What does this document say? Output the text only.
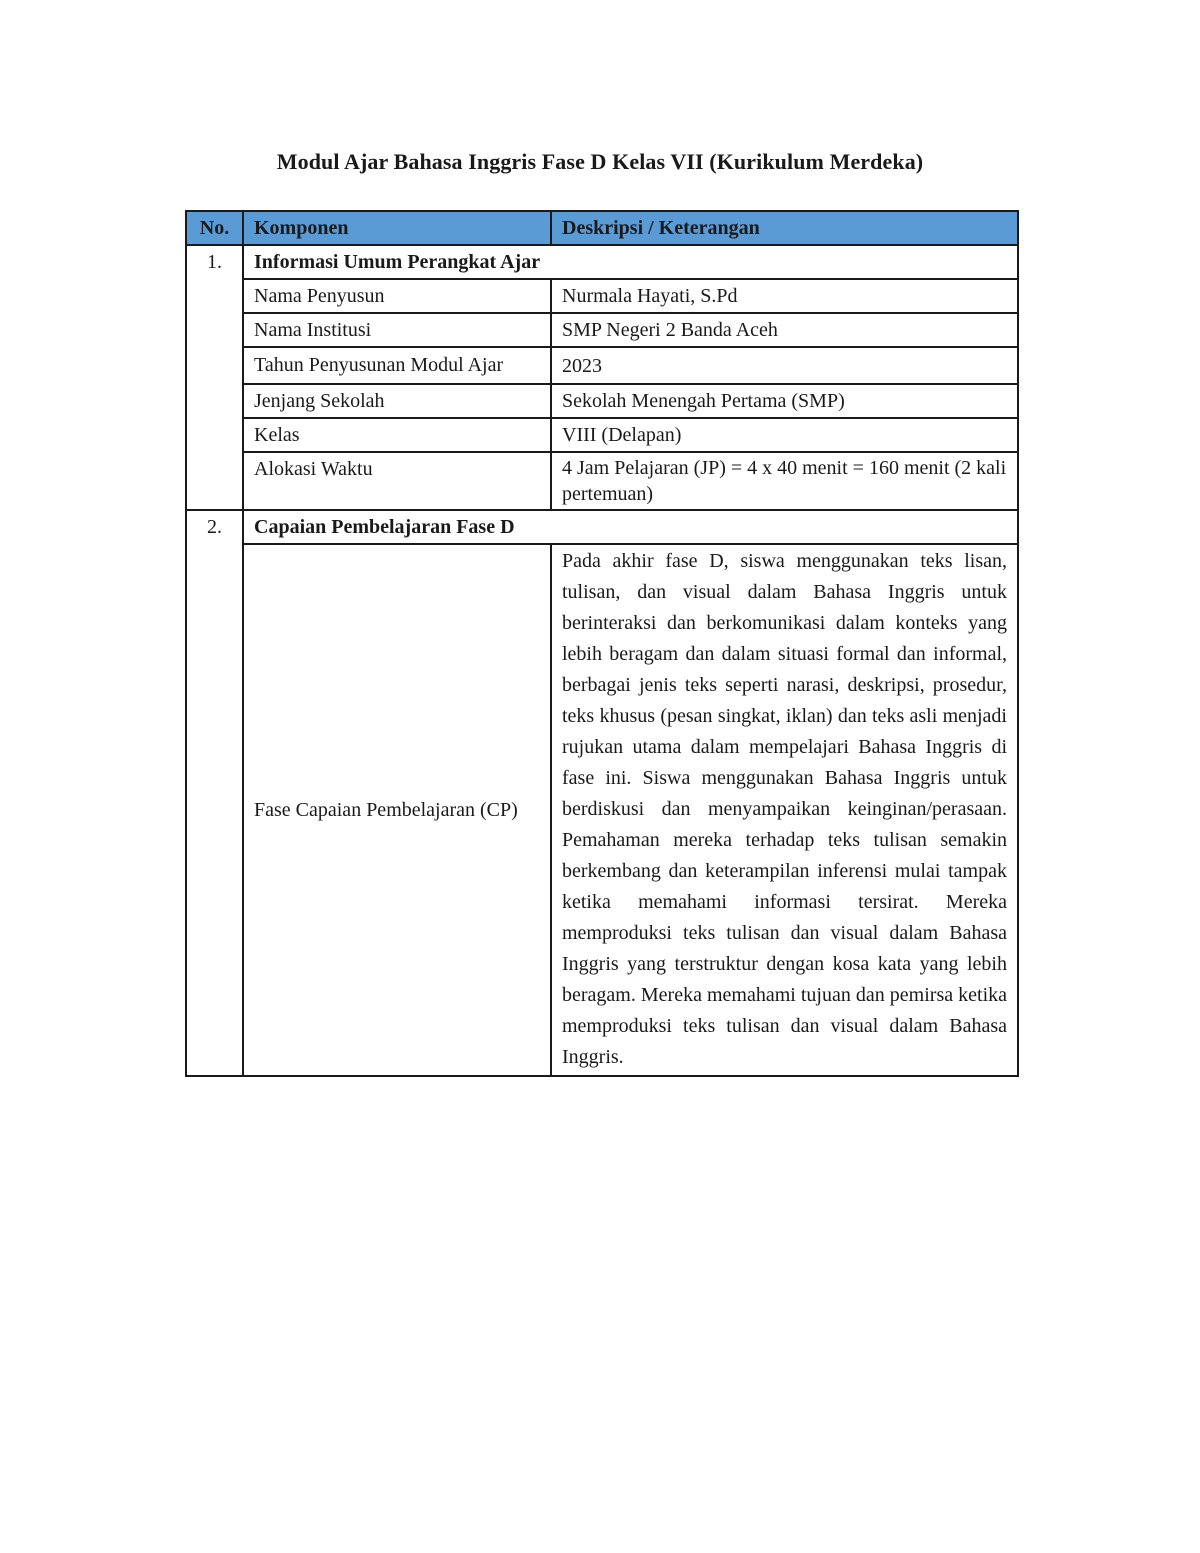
Modul Ajar Bahasa Inggris Fase D Kelas VII (Kurikulum Merdeka)
No.	Komponen	Deskripsi / Keterangan
1.	Informasi Umum Perangkat Ajar	
	Nama Penyusun	Nurmala Hayati, S.Pd
	Nama Institusi	SMP Negeri 2 Banda Aceh
	Tahun Penyusunan Modul Ajar	2023
	Jenjang Sekolah	Sekolah Menengah Pertama (SMP)
	Kelas	VIII (Delapan)
	Alokasi Waktu	4 Jam Pelajaran (JP) = 4 x 40 menit = 160 menit (2 kali pertemuan)
2.	Capaian Pembelajaran Fase D	
	Fase Capaian Pembelajaran (CP)	Pada akhir fase D, siswa menggunakan teks lisan, tulisan, dan visual dalam Bahasa Inggris untuk berinteraksi dan berkomunikasi dalam konteks yang lebih beragam dan dalam situasi formal dan informal, berbagai jenis teks seperti narasi, deskripsi, prosedur, teks khusus (pesan singkat, iklan) dan teks asli menjadi rujukan utama dalam mempelajari Bahasa Inggris di fase ini. Siswa menggunakan Bahasa Inggris untuk berdiskusi dan menyampaikan keinginan/perasaan. Pemahaman mereka terhadap teks tulisan semakin berkembang dan keterampilan inferensi mulai tampak ketika memahami informasi tersirat. Mereka memproduksi teks tulisan dan visual dalam Bahasa Inggris yang terstruktur dengan kosa kata yang lebih beragam. Mereka memahami tujuan dan pemirsa ketika memproduksi teks tulisan dan visual dalam Bahasa Inggris.
